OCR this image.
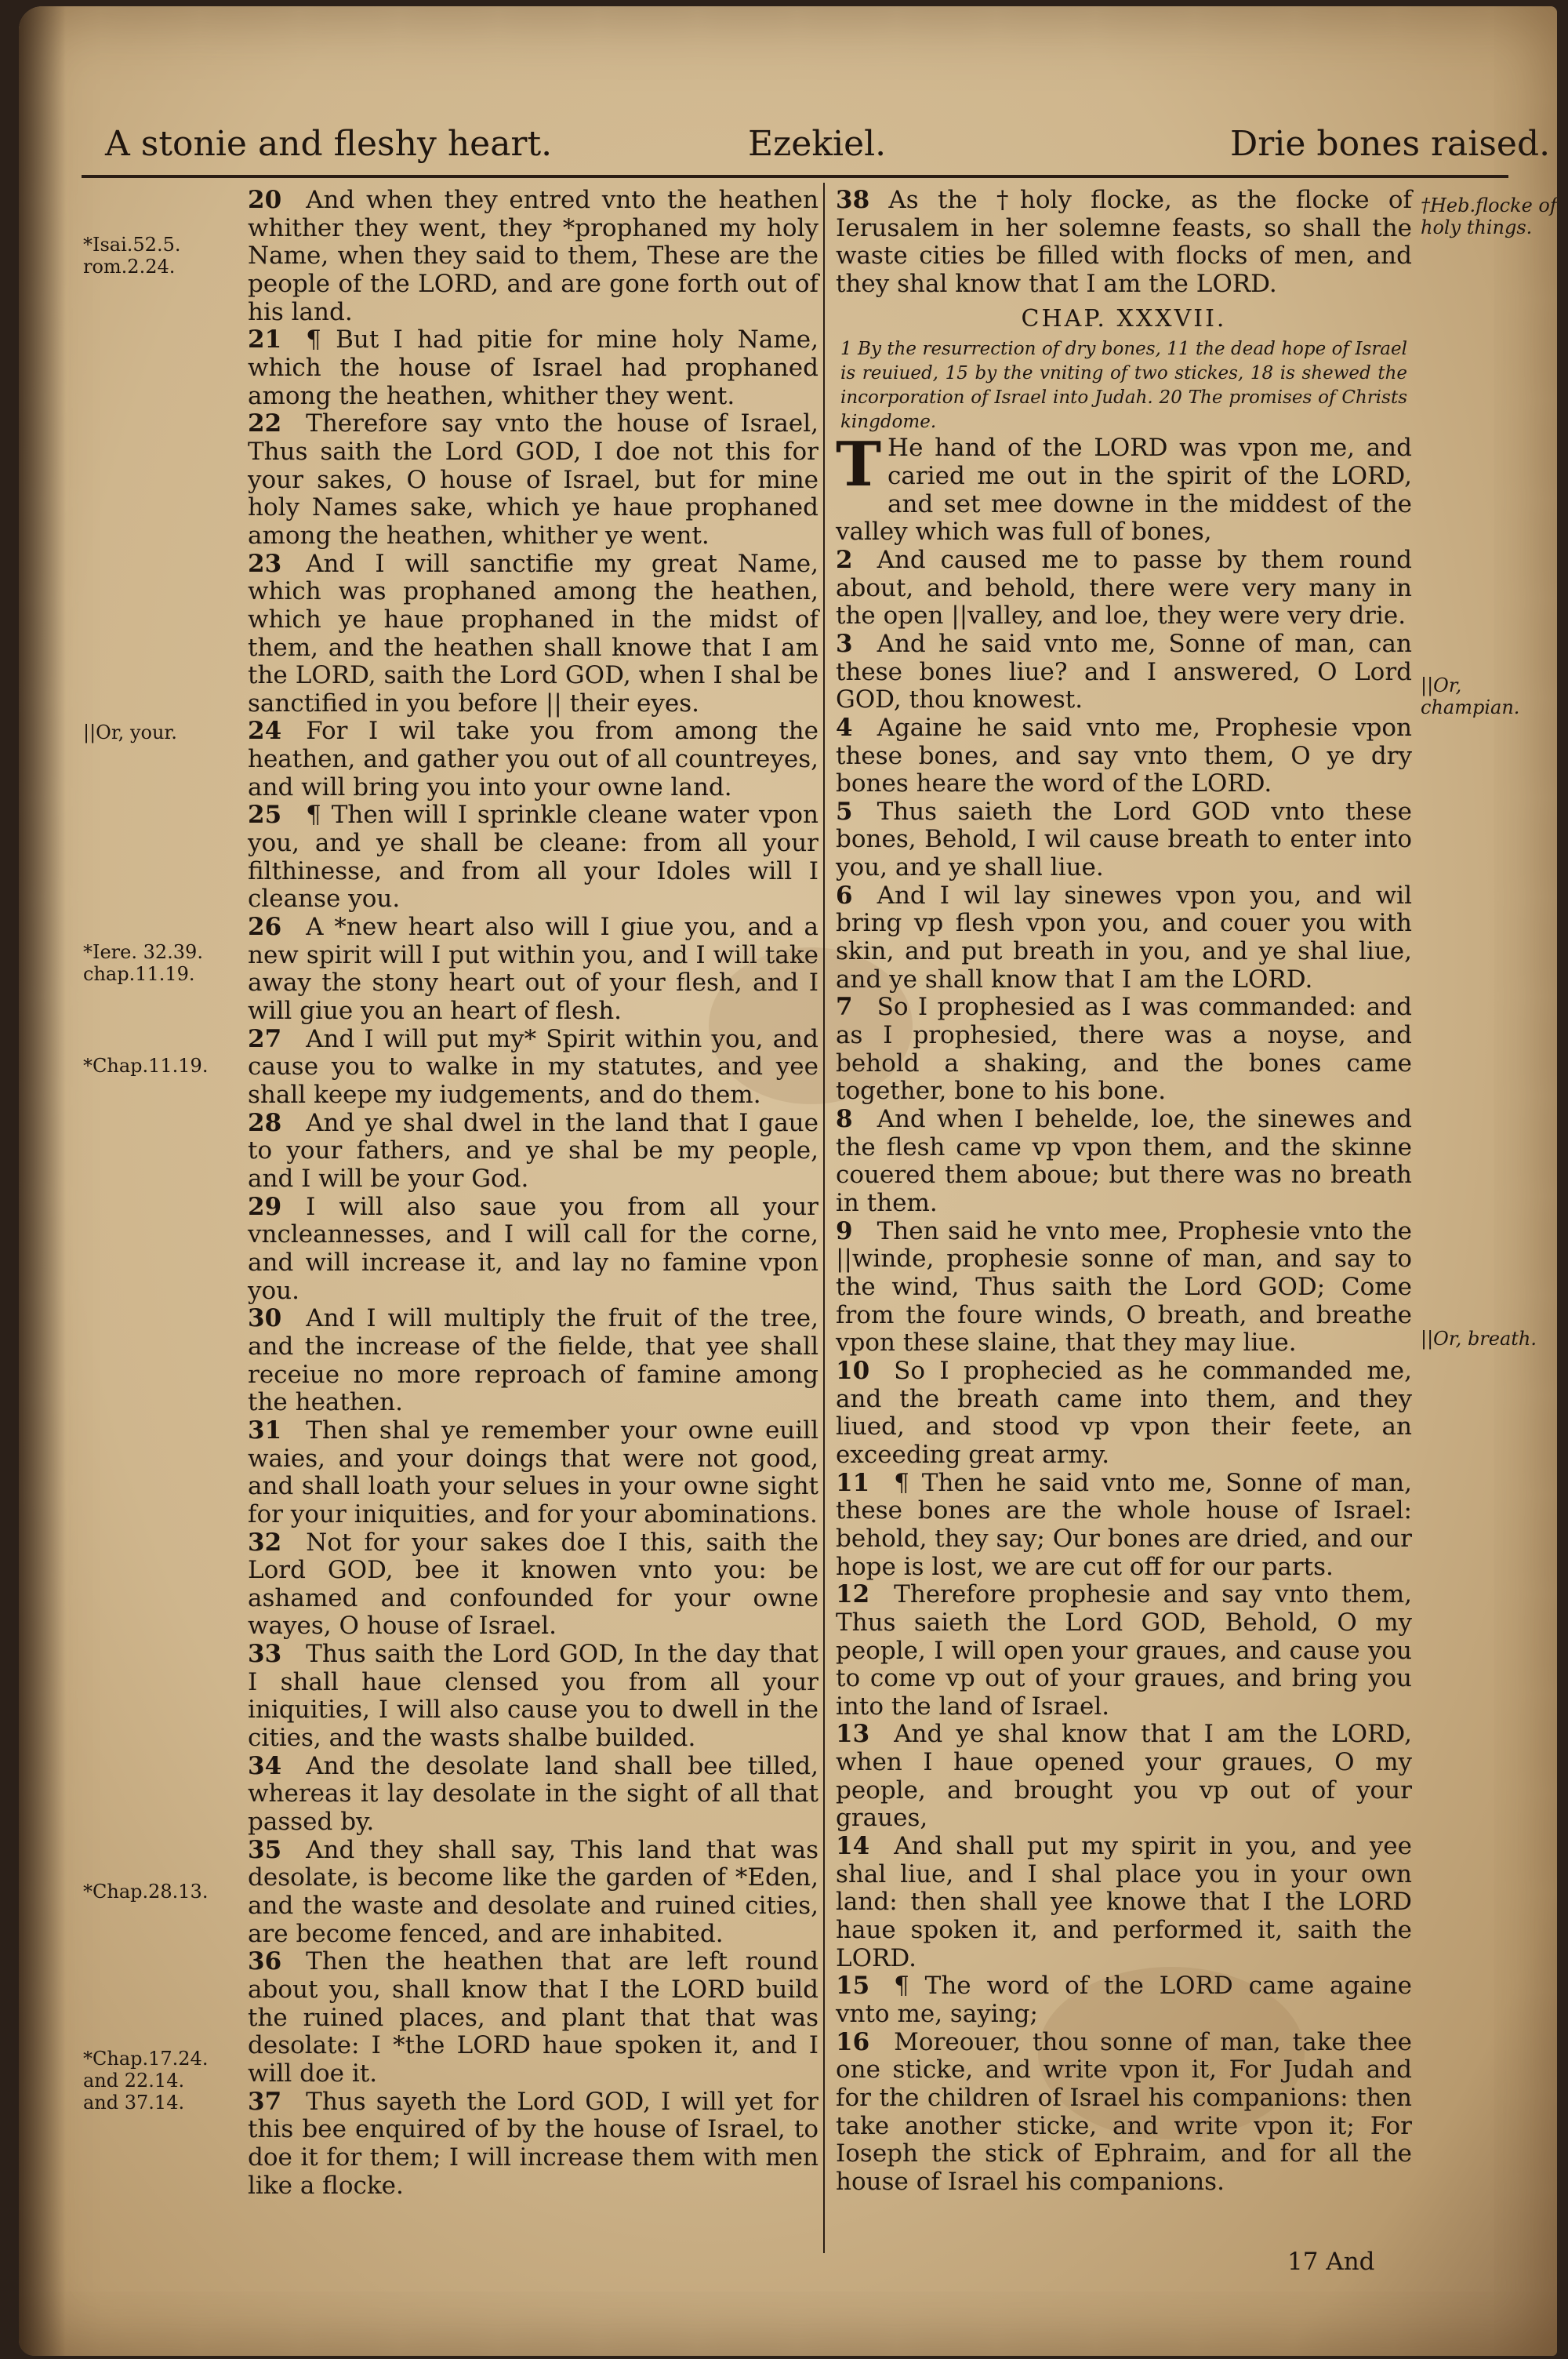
A stonie and fleshy heart.	Ezekiel.	Drie bones raised.
*Isai.52.5.
rom.2.24.
||Or, your.
*Iere. 32.39.
chap.11.19.
*Chap.11.19.
*Chap.28.13.
*Chap.17.24.
and 22.14.
and 37.14.
†Heb.flocke of
holy things.
||Or, champian.
||Or, breath.

20  And when they entred vnto the heathen whither they went, they *prophaned my holy Name, when they said to them, These are the people of the LORD, and are gone forth out of his land.

21  ¶ But I had pitie for mine holy Name, which the house of Israel had prophaned among the heathen, whither they went.

22  Therefore say vnto the house of Israel, Thus saith the Lord GOD, I doe not this for your sakes, O house of Israel, but for mine holy Names sake, which ye haue prophaned among the heathen, whither ye went.

23  And I will sanctifie my great Name, which was prophaned among the heathen, which ye haue prophaned in the midst of them, and the heathen shall knowe that I am the LORD, saith the Lord GOD, when I shal be sanctified in you before || their eyes.

24  For I wil take you from among the heathen, and gather you out of all countreyes, and will bring you into your owne land.

25  ¶ Then will I sprinkle cleane water vpon you, and ye shall be cleane: from all your filthinesse, and from all your Idoles will I cleanse you.

26  A *new heart also will I giue you, and a new spirit will I put within you, and I will take away the stony heart out of your flesh, and I will giue you an heart of flesh.

27  And I will put my* Spirit within you, and cause you to walke in my statutes, and yee shall keepe my iudgements, and do them.

28  And ye shal dwel in the land that I gaue to your fathers, and ye shal be my people, and I will be your God.

29  I will also saue you from all your vncleannesses, and I will call for the corne, and will increase it, and lay no famine vpon you.

30  And I will multiply the fruit of the tree, and the increase of the fielde, that yee shall receiue no more reproach of famine among the heathen.

31  Then shal ye remember your owne euill waies, and your doings that were not good, and shall loath your selues in your owne sight for your iniquities, and for your abominations.

32  Not for your sakes doe I this, saith the Lord GOD, bee it knowen vnto you: be ashamed and confounded for your owne wayes, O house of Israel.

33  Thus saith the Lord GOD, In the day that I shall haue clensed you from all your iniquities, I will also cause you to dwell in the cities, and the wasts shalbe builded.

34  And the desolate land shall bee tilled, whereas it lay desolate in the sight of all that passed by.

35  And they shall say, This land that was desolate, is become like the garden of *Eden, and the waste and desolate and ruined cities, are become fenced, and are inhabited.

36  Then the heathen that are left round about you, shall know that I the LORD build the ruined places, and plant that that was desolate: I *the LORD haue spoken it, and I will doe it.

37  Thus sayeth the Lord GOD, I will yet for this bee enquired of by the house of Israel, to doe it for them; I will increase them with men like a flocke.

38 As the †holy flocke, as the flocke of Ierusalem in her solemne feasts, so shall the waste cities be filled with flocks of men, and they shal know that I am the LORD.

CHAP. XXXVII.

1 By the resurrection of dry bones, 11 the dead hope of Israel is reuiued, 15 by the vniting of two stickes, 18 is shewed the incorporation of Israel into Judah. 20 The promises of Christs kingdome.

T He hand of the LORD was vpon me, and caried me out in the spirit of the LORD, and set mee downe in the middest of the valley which was full of bones,

2  And caused me to passe by them round about, and behold, there were very many in the open ||valley, and loe, they were very drie.

3  And he said vnto me, Sonne of man, can these bones liue? and I answered, O Lord GOD, thou knowest.

4  Againe he said vnto me, Prophesie vpon these bones, and say vnto them, O ye dry bones heare the word of the LORD.

5  Thus saieth the Lord GOD vnto these bones, Behold, I wil cause breath to enter into you, and ye shall liue.

6  And I wil lay sinewes vpon you, and wil bring vp flesh vpon you, and couer you with skin, and put breath in you, and ye shal liue, and ye shall know that I am the LORD.

7  So I prophesied as I was commanded: and as I prophesied, there was a noyse, and behold a shaking, and the bones came together, bone to his bone.

8  And when I behelde, loe, the sinewes and the flesh came vp vpon them, and the skinne couered them aboue; but there was no breath in them.

9  Then said he vnto mee, Prophesie vnto the ||winde, prophesie sonne of man, and say to the wind, Thus saith the Lord GOD; Come from the foure winds, O breath, and breathe vpon these slaine, that they may liue.

10  So I prophecied as he commanded me, and the breath came into them, and they liued, and stood vp vpon their feete, an exceeding great army.

11  ¶ Then he said vnto me, Sonne of man, these bones are the whole house of Israel: behold, they say; Our bones are dried, and our hope is lost, we are cut off for our parts.

12  Therefore prophesie and say vnto them, Thus saieth the Lord GOD, Behold, O my people, I will open your graues, and cause you to come vp out of your graues, and bring you into the land of Israel.

13  And ye shal know that I am the LORD, when I haue opened your graues, O my people, and brought you vp out of your graues,

14  And shall put my spirit in you, and yee shal liue, and I shal place you in your own land: then shall yee knowe that I the LORD haue spoken it, and performed it, saith the LORD.

15  ¶ The word of the LORD came againe vnto me, saying;

16  Moreouer, thou sonne of man, take thee one sticke, and write vpon it, For Judah and for the children of Israel his companions: then take another sticke, and write vpon it; For Ioseph the stick of Ephraim, and for all the house of Israel his companions.

17 And
